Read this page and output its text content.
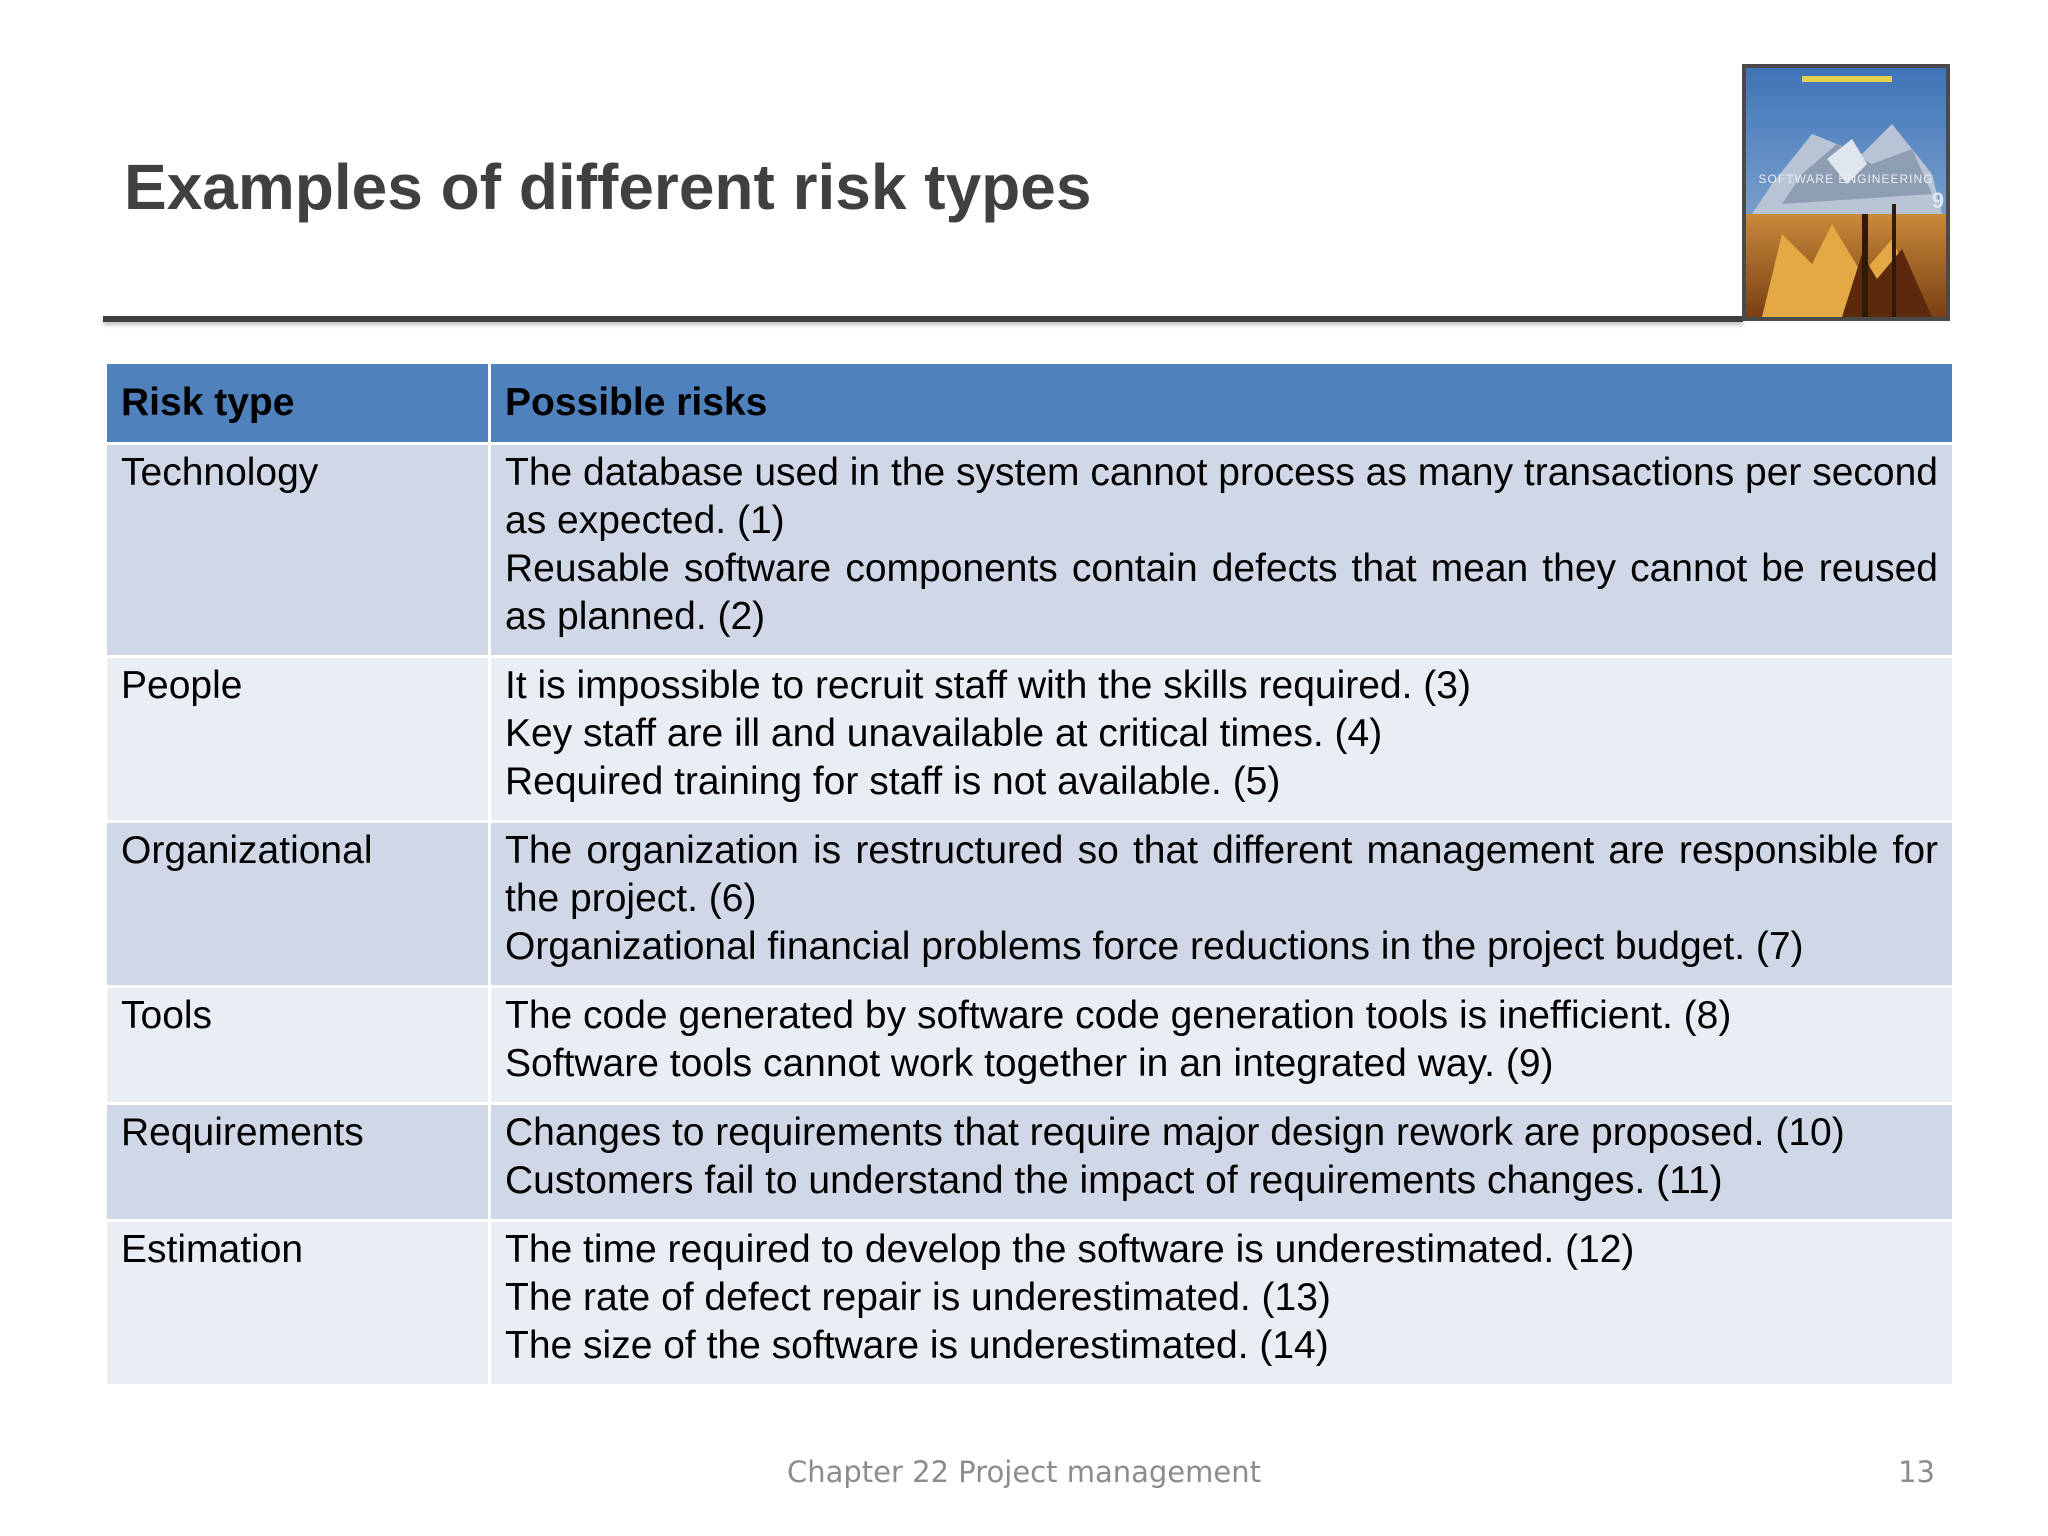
Examples of different risk types	SOFTWARE ENGINEERING
9
Risk type	Possible risks
Technology	The database used in the system cannot process as many transactions per second as expected. (1)
Reusable software components contain defects that mean they cannot be reused as planned. (2)

People	It is impossible to recruit staff with the skills required. (3)
Key staff are ill and unavailable at critical times. (4)
Required training for staff is not available. (5)

Organizational	The organization is restructured so that different management are responsible for the project. (6)
Organizational financial problems force reductions in the project budget. (7)

Tools	The code generated by software code generation tools is inefficient. (8)
Software tools cannot work together in an integrated way. (9)

Requirements	Changes to requirements that require major design rework are proposed. (10)
Customers fail to understand the impact of requirements changes. (11)

Estimation	The time required to develop the software is underestimated. (12)
The rate of defect repair is underestimated. (13)
The size of the software is underestimated. (14)
Chapter 22 Project management	13
